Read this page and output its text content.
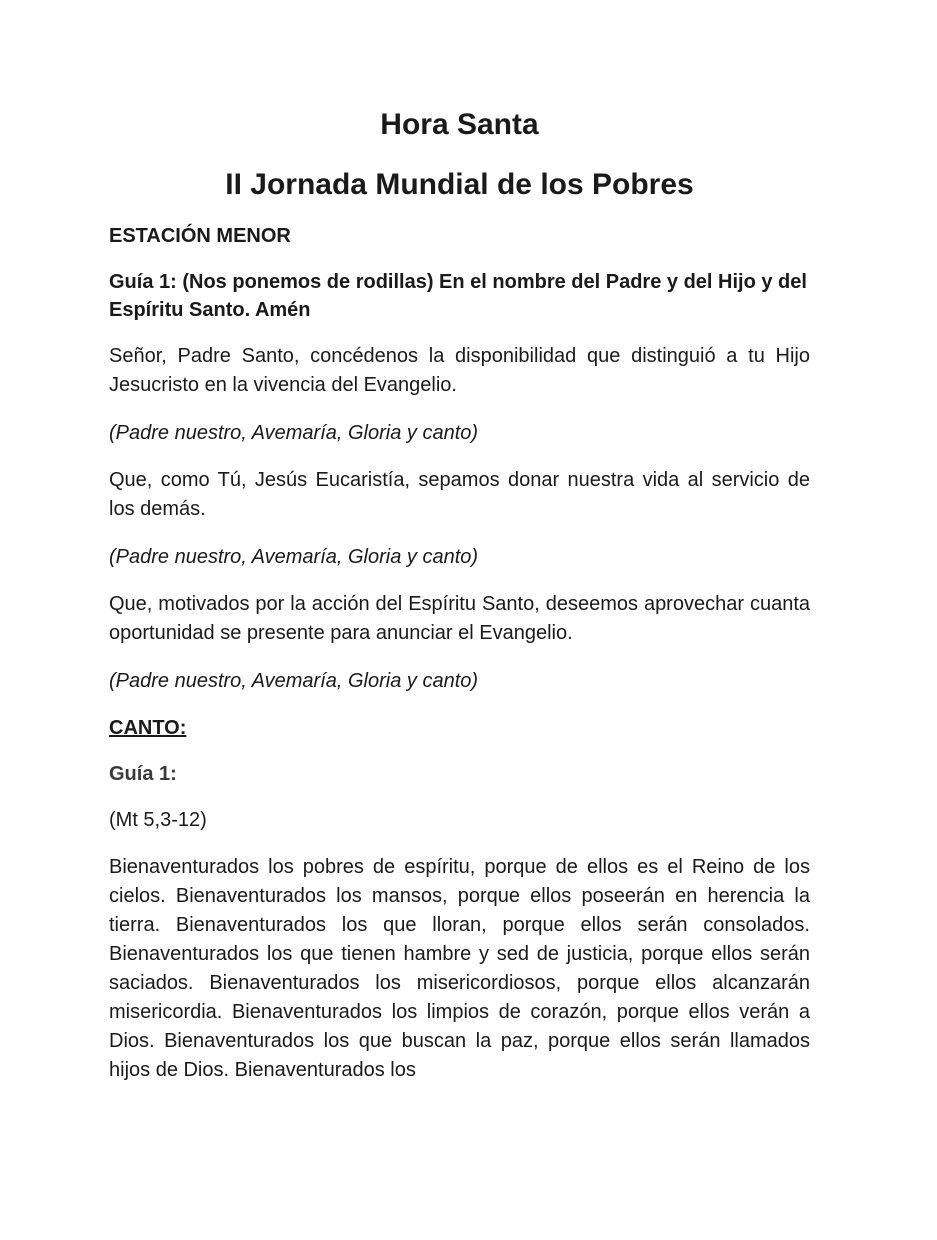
Hora Santa
II Jornada Mundial de los Pobres
ESTACIÓN MENOR
Guía 1: (Nos ponemos de rodillas) En el nombre del Padre y del Hijo y del Espíritu Santo. Amén

Señor, Padre Santo, concédenos la disponibilidad que distinguió a tu Hijo Jesucristo en la vivencia del Evangelio.

(Padre nuestro, Avemaría, Gloria y canto)

Que, como Tú, Jesús Eucaristía, sepamos donar nuestra vida al servicio de los demás.

(Padre nuestro, Avemaría, Gloria y canto)

Que, motivados por la acción del Espíritu Santo, deseemos aprovechar cuanta oportunidad se presente para anunciar el Evangelio.

(Padre nuestro, Avemaría, Gloria y canto)

CANTO:
Guía 1:

(Mt 5,3-12)

Bienaventurados los pobres de espíritu, porque de ellos es el Reino de los cielos. Bienaventurados los mansos, porque ellos poseerán en herencia la tierra. Bienaventurados los que lloran, porque ellos serán consolados. Bienaventurados los que tienen hambre y sed de justicia, porque ellos serán saciados. Bienaventurados los misericordiosos, porque ellos alcanzarán misericordia. Bienaventurados los limpios de corazón, porque ellos verán a Dios. Bienaventurados los que buscan la paz, porque ellos serán llamados hijos de Dios. Bienaventurados los
